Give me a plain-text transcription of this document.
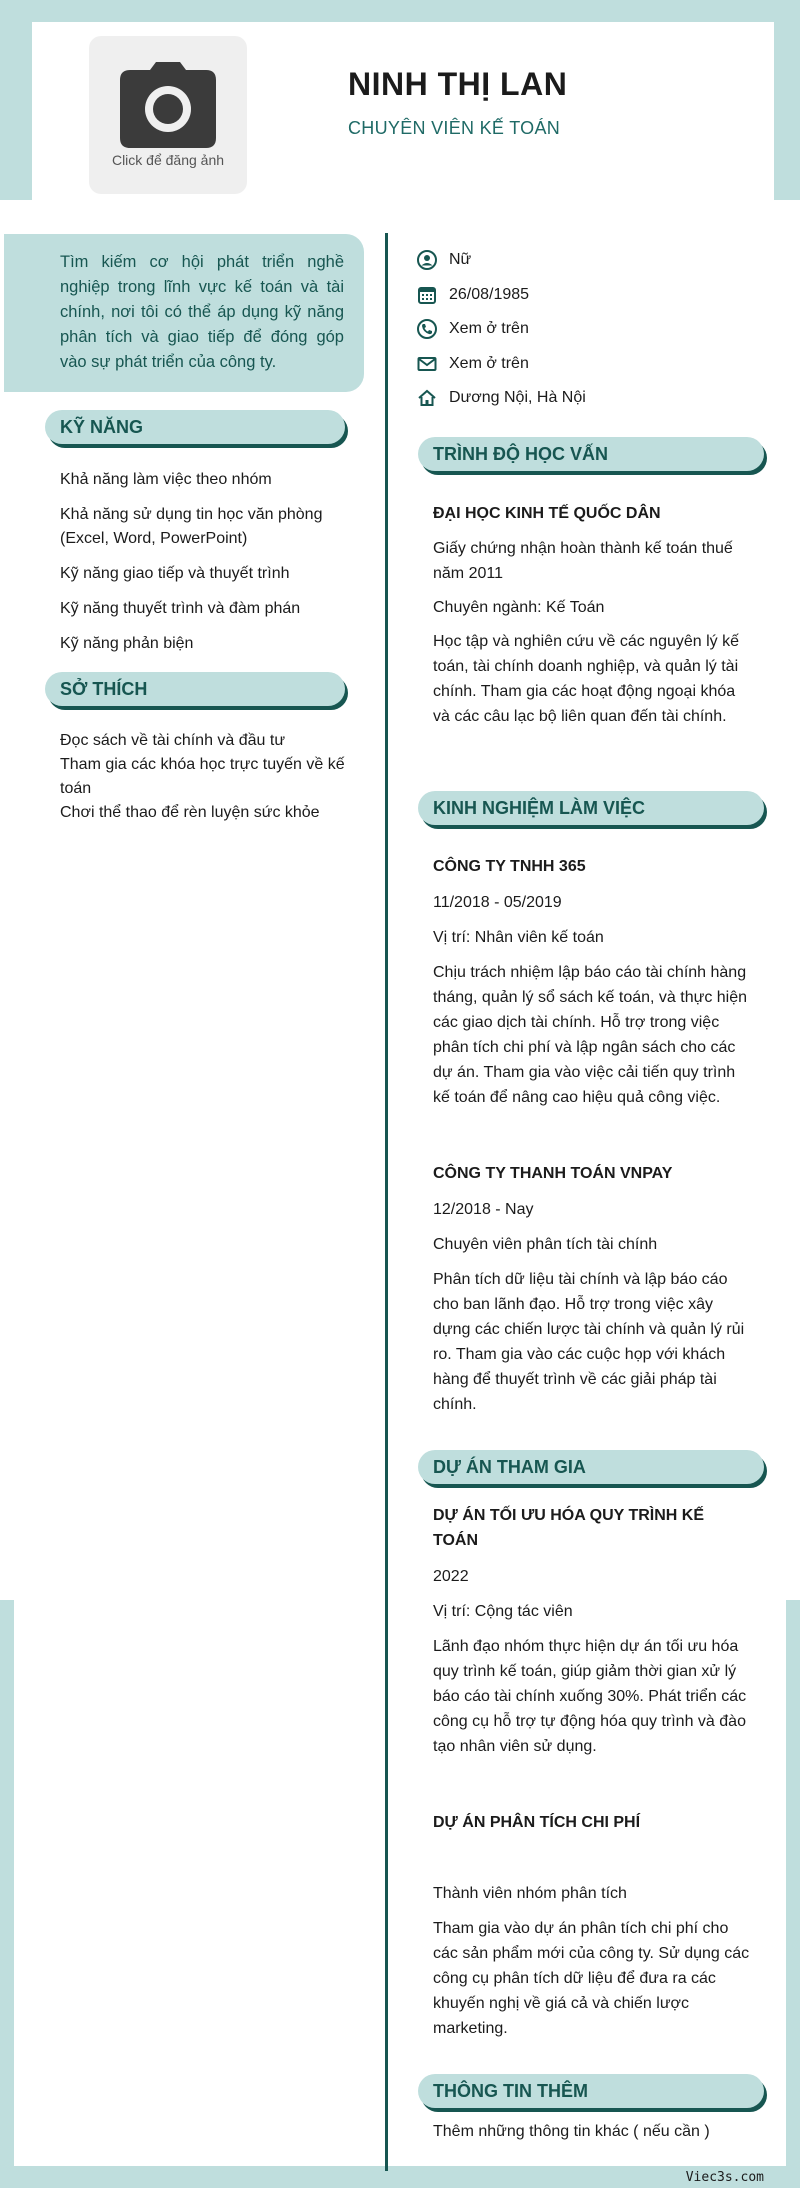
Click để đăng ảnh
NINH THỊ LAN
CHUYÊN VIÊN KẾ TOÁN

Tìm kiếm cơ hội phát triển nghề nghiệp trong lĩnh vực kế toán và tài chính, nơi tôi có thể áp dụng kỹ năng phân tích và giao tiếp để đóng góp vào sự phát triển của công ty.

KỸ NĂNG
Khả năng làm việc theo nhóm
Khả năng sử dụng tin học văn phòng (Excel, Word, PowerPoint)
Kỹ năng giao tiếp và thuyết trình
Kỹ năng thuyết trình và đàm phán
Kỹ năng phản biện
SỞ THÍCH
Đọc sách về tài chính và đầu tư
Tham gia các khóa học trực tuyến về kế toán
Chơi thể thao để rèn luyện sức khỏe
Nữ
26/08/1985
Xem ở trên
Xem ở trên
Dương Nội, Hà Nội
TRÌNH ĐỘ HỌC VẤN
ĐẠI HỌC KINH TẾ QUỐC DÂN
Giấy chứng nhận hoàn thành kế toán thuế năm 2011
Chuyên ngành: Kế Toán
Học tập và nghiên cứu về các nguyên lý kế toán, tài chính doanh nghiệp, và quản lý tài chính. Tham gia các hoạt động ngoại khóa và các câu lạc bộ liên quan đến tài chính.
KINH NGHIỆM LÀM VIỆC
CÔNG TY TNHH 365
11/2018 - 05/2019
Vị trí: Nhân viên kế toán
Chịu trách nhiệm lập báo cáo tài chính hàng tháng, quản lý sổ sách kế toán, và thực hiện các giao dịch tài chính. Hỗ trợ trong việc phân tích chi phí và lập ngân sách cho các dự án. Tham gia vào việc cải tiến quy trình kế toán để nâng cao hiệu quả công việc.
CÔNG TY THANH TOÁN VNPAY
12/2018 - Nay
Chuyên viên phân tích tài chính
Phân tích dữ liệu tài chính và lập báo cáo cho ban lãnh đạo. Hỗ trợ trong việc xây dựng các chiến lược tài chính và quản lý rủi ro. Tham gia vào các cuộc họp với khách hàng để thuyết trình về các giải pháp tài chính.
DỰ ÁN THAM GIA
DỰ ÁN TỐI ƯU HÓA QUY TRÌNH KẾ TOÁN
2022
Vị trí: Cộng tác viên
Lãnh đạo nhóm thực hiện dự án tối ưu hóa quy trình kế toán, giúp giảm thời gian xử lý báo cáo tài chính xuống 30%. Phát triển các công cụ hỗ trợ tự động hóa quy trình và đào tạo nhân viên sử dụng.
DỰ ÁN PHÂN TÍCH CHI PHÍ
Thành viên nhóm phân tích
Tham gia vào dự án phân tích chi phí cho các sản phẩm mới của công ty. Sử dụng các công cụ phân tích dữ liệu để đưa ra các khuyến nghị về giá cả và chiến lược marketing.
THÔNG TIN THÊM
Thêm những thông tin khác ( nếu cần )
Viec3s.com
